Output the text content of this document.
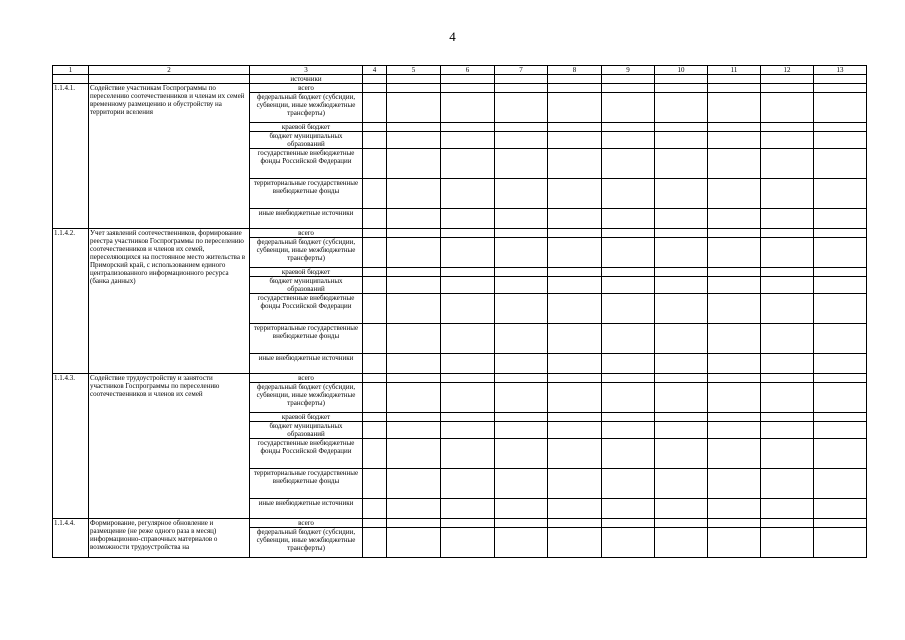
4
1	2	3	4	5	6	7	8	9	10	11	12	13
		источники										
1.1.4.1.	Содействие участникам Госпрограммы по переселению соотечественников и членам их семей временному размещению и обустройству на территории вселения	всего										
		федеральный бюджет (субсидии, субвенции, иные межбюджетные трансферты)										
		краевой бюджет										
		бюджет муниципальных образований										
		государственные внебюджетные фонды Российской Федерации										
		территориальные государственные внебюджетные фонды										
		иные внебюджетные источники										
1.1.4.2.	Учет заявлений соотечественников, формирование реестра участников Госпрограммы по переселению соотечественников и членов их семей, переселяющихся на постоянное место жительства в Приморский край, с использованием единого централизованного информационного ресурса (банка данных)	всего										
		федеральный бюджет (субсидии, субвенции, иные межбюджетные трансферты)										
		краевой бюджет										
		бюджет муниципальных образований										
		государственные внебюджетные фонды Российской Федерации										
		территориальные государственные внебюджетные фонды										
		иные внебюджетные источники										
1.1.4.3.	Содействие трудоустройству и занятости участников Госпрограммы по переселению соотечественников и членов их семей	всего										
		федеральный бюджет (субсидии, субвенции, иные межбюджетные трансферты)										
		краевой бюджет										
		бюджет муниципальных образований										
		государственные внебюджетные фонды Российской Федерации										
		территориальные государственные внебюджетные фонды										
		иные внебюджетные источники										
1.1.4.4.	Формирование, регулярное обновление и размещение (не реже одного раза в месяц) информационно-справочных материалов о возможности трудоустройства на	всего										
		федеральный бюджет (субсидии, субвенции, иные межбюджетные трансферты)										
